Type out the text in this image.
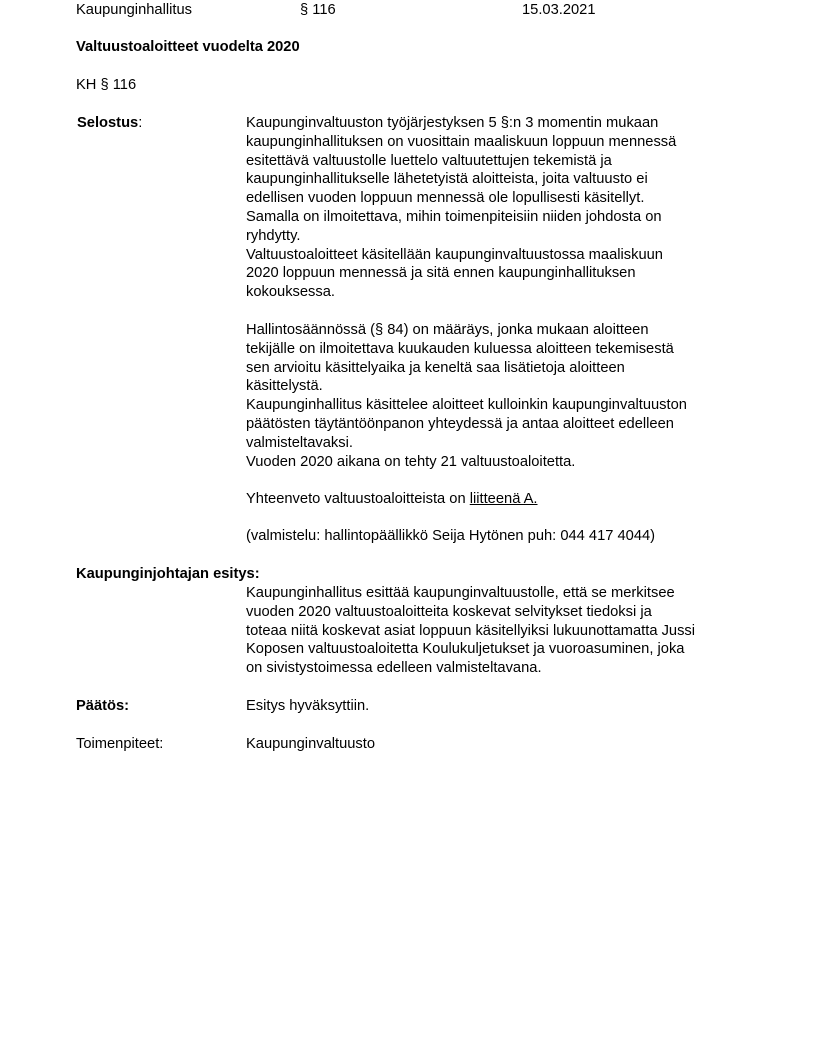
Kaupunginhallitus	§ 116	15.03.2021
Valtuustoaloitteet vuodelta 2020
KH § 116
Selostus:	Kaupunginvaltuuston työjärjestyksen 5 §:n 3 momentin mukaan
kaupunginhallituksen on vuosittain maaliskuun loppuun mennessä
esitettävä valtuustolle luettelo valtuutettujen tekemistä ja
kaupunginhallitukselle lähetetyistä aloitteista, joita valtuusto ei
edellisen vuoden loppuun mennessä ole lopullisesti käsitellyt.
Samalla on ilmoitettava, mihin toimenpiteisiin niiden johdosta on
ryhdytty.
Valtuustoaloitteet käsitellään kaupunginvaltuustossa maaliskuun
2020 loppuun mennessä ja sitä ennen kaupunginhallituksen
kokouksessa.
Hallintosäännössä (§ 84) on määräys, jonka mukaan aloitteen
tekijälle on ilmoitettava kuukauden kuluessa aloitteen tekemisestä
sen arvioitu käsittelyaika ja keneltä saa lisätietoja aloitteen
käsittelystä.
Kaupunginhallitus käsittelee aloitteet kulloinkin kaupunginvaltuuston
päätösten täytäntöönpanon yhteydessä ja antaa aloitteet edelleen
valmisteltavaksi.
Vuoden 2020 aikana on tehty 21 valtuustoaloitetta.
Yhteenveto valtuustoaloitteista on liitteenä A.
(valmistelu: hallintopäällikkö Seija Hytönen puh: 044 417 4044)
Kaupunginjohtajan esitys:
Kaupunginhallitus esittää kaupunginvaltuustolle, että se merkitsee
vuoden 2020 valtuustoaloitteita koskevat selvitykset tiedoksi ja
toteaa niitä koskevat asiat loppuun käsitellyiksi lukuunottamatta Jussi
Koposen valtuustoaloitetta Koulukuljetukset ja vuoroasuminen, joka
on sivistystoimessa edelleen valmisteltavana.
Päätös:	Esitys hyväksyttiin.
Toimenpiteet:	Kaupunginvaltuusto
